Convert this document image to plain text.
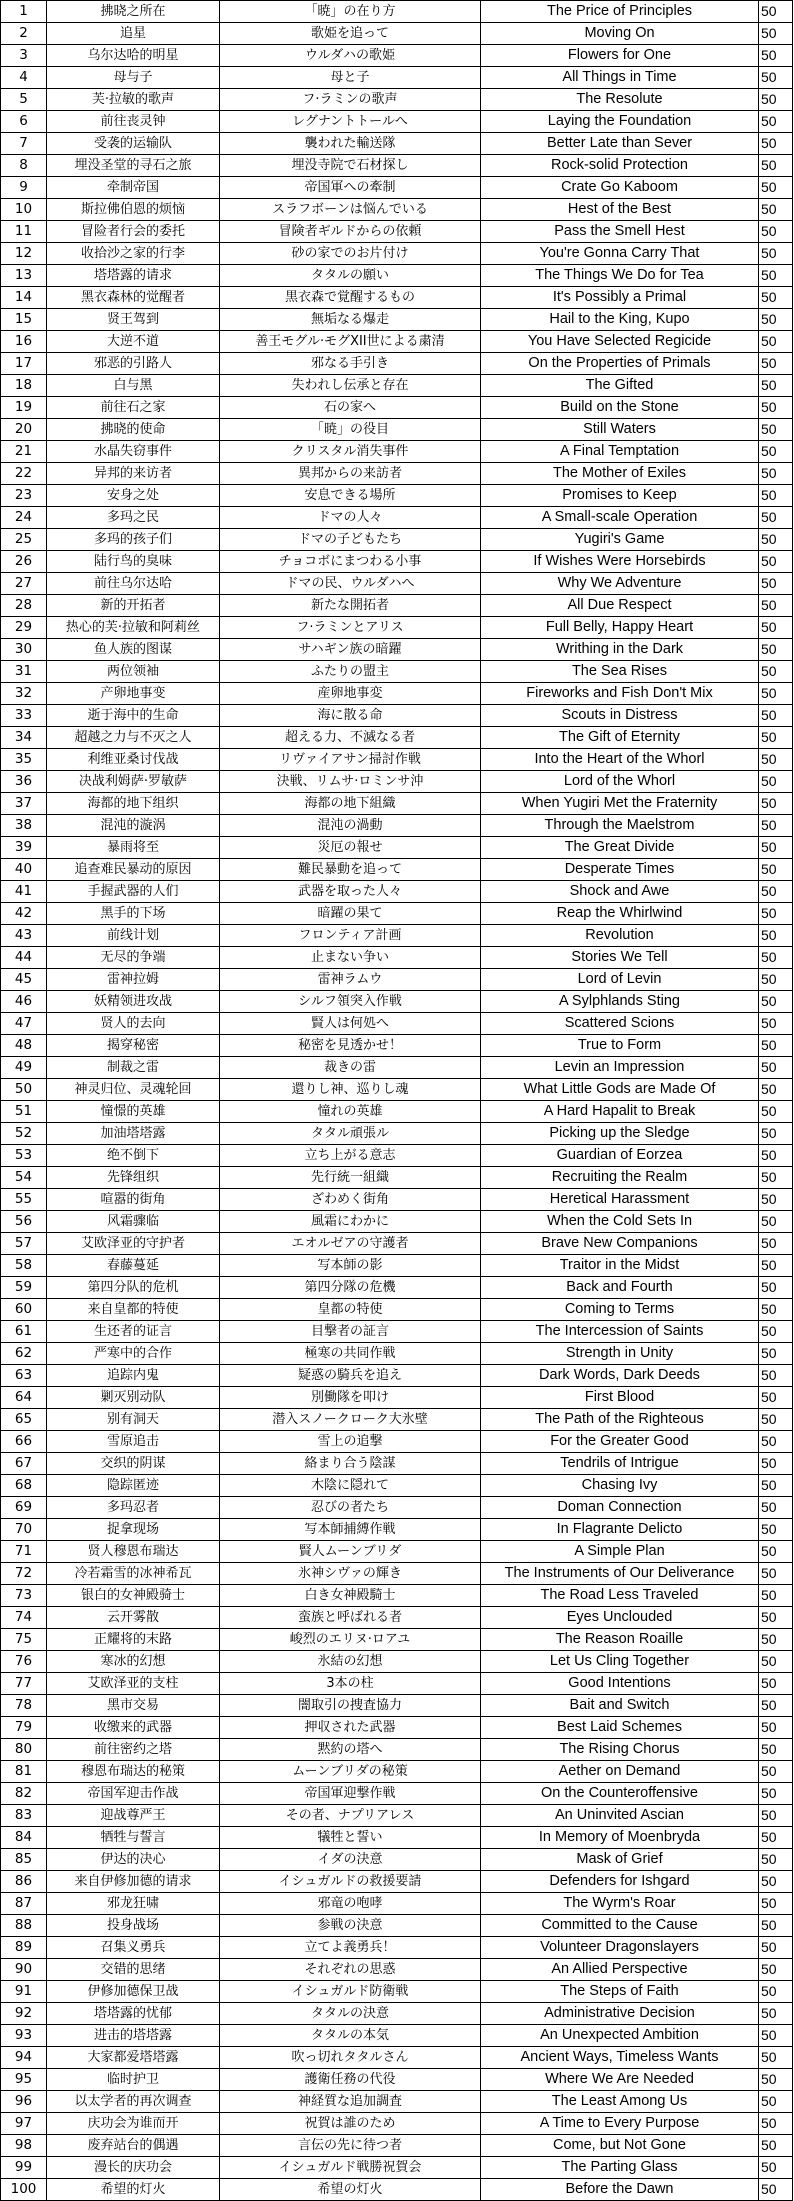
1	拂晓之所在	「暁」の在り方	The Price of Principles	50
2	追星	歌姫を追って	Moving On	50
3	乌尔达哈的明星	ウルダハの歌姫	Flowers for One	50
4	母与子	母と子	All Things in Time	50
5	芙·拉敏的歌声	フ·ラミンの歌声	The Resolute	50
6	前往丧灵钟	レグナントトールへ	Laying the Foundation	50
7	受袭的运输队	襲われた輸送隊	Better Late than Sever	50
8	埋没圣堂的寻石之旅	埋没寺院で石材探し	Rock-solid Protection	50
9	牵制帝国	帝国軍への牽制	Crate Go Kaboom	50
10	斯拉佛伯恩的烦恼	スラフボーンは悩んでいる	Hest of the Best	50
11	冒险者行会的委托	冒険者ギルドからの依頼	Pass the Smell Hest	50
12	收拾沙之家的行李	砂の家でのお片付け	You're Gonna Carry That	50
13	塔塔露的请求	タタルの願い	The Things We Do for Tea	50
14	黑衣森林的觉醒者	黒衣森で覚醒するもの	It's Possibly a Primal	50
15	贤王驾到	無垢なる爆走	Hail to the King, Kupo	50
16	大逆不道	善王モグル·モグXII世による粛清	You Have Selected Regicide	50
17	邪恶的引路人	邪なる手引き	On the Properties of Primals	50
18	白与黑	失われし伝承と存在	The Gifted	50
19	前往石之家	石の家へ	Build on the Stone	50
20	拂晓的使命	「暁」の役目	Still Waters	50
21	水晶失窃事件	クリスタル消失事件	A Final Temptation	50
22	异邦的来访者	異邦からの来訪者	The Mother of Exiles	50
23	安身之处	安息できる場所	Promises to Keep	50
24	多玛之民	ドマの人々	A Small-scale Operation	50
25	多玛的孩子们	ドマの子どもたち	Yugiri's Game	50
26	陆行鸟的臭味	チョコボにまつわる小事	If Wishes Were Horsebirds	50
27	前往乌尔达哈	ドマの民、ウルダハへ	Why We Adventure	50
28	新的开拓者	新たな開拓者	All Due Respect	50
29	热心的芙·拉敏和阿莉丝	フ·ラミンとアリス	Full Belly, Happy Heart	50
30	鱼人族的图谋	サハギン族の暗躍	Writhing in the Dark	50
31	两位领袖	ふたりの盟主	The Sea Rises	50
32	产卵地事变	産卵地事変	Fireworks and Fish Don't Mix	50
33	逝于海中的生命	海に散る命	Scouts in Distress	50
34	超越之力与不灭之人	超える力、不滅なる者	The Gift of Eternity	50
35	利维亚桑讨伐战	リヴァイアサン掃討作戦	Into the Heart of the Whorl	50
36	决战利姆萨·罗敏萨	決戦、リムサ·ロミンサ沖	Lord of the Whorl	50
37	海都的地下组织	海都の地下組織	When Yugiri Met the Fraternity	50
38	混沌的漩涡	混沌の渦動	Through the Maelstrom	50
39	暴雨将至	災厄の報せ	The Great Divide	50
40	追查难民暴动的原因	難民暴動を追って	Desperate Times	50
41	手握武器的人们	武器を取った人々	Shock and Awe	50
42	黑手的下场	暗躍の果て	Reap the Whirlwind	50
43	前线计划	フロンティア計画	Revolution	50
44	无尽的争端	止まない争い	Stories We Tell	50
45	雷神拉姆	雷神ラムウ	Lord of Levin	50
46	妖精领进攻战	シルフ領突入作戦	A Sylphlands Sting	50
47	贤人的去向	賢人は何処へ	Scattered Scions	50
48	揭穿秘密	秘密を見透かせ！	True to Form	50
49	制裁之雷	裁きの雷	Levin an Impression	50
50	神灵归位、灵魂轮回	還りし神、巡りし魂	What Little Gods are Made Of	50
51	憧憬的英雄	憧れの英雄	A Hard Hapalit to Break	50
52	加油塔塔露	タタル頑張ル	Picking up the Sledge	50
53	绝不倒下	立ち上がる意志	Guardian of Eorzea	50
54	先锋组织	先行統一組織	Recruiting the Realm	50
55	喧嚣的街角	ざわめく街角	Heretical Harassment	50
56	风霜骤临	風霜にわかに	When the Cold Sets In	50
57	艾欧泽亚的守护者	エオルゼアの守護者	Brave New Companions	50
58	春藤蔓延	写本師の影	Traitor in the Midst	50
59	第四分队的危机	第四分隊の危機	Back and Fourth	50
60	来自皇都的特使	皇都の特使	Coming to Terms	50
61	生还者的证言	目撃者の証言	The Intercession of Saints	50
62	严寒中的合作	極寒の共同作戦	Strength in Unity	50
63	追踪内鬼	疑惑の騎兵を追え	Dark Words, Dark Deeds	50
64	剿灭别动队	別働隊を叩け	First Blood	50
65	别有洞天	潜入スノークローク大氷壁	The Path of the Righteous	50
66	雪原追击	雪上の追撃	For the Greater Good	50
67	交织的阴谋	絡まり合う陰謀	Tendrils of Intrigue	50
68	隐踪匿迹	木陰に隠れて	Chasing Ivy	50
69	多玛忍者	忍びの者たち	Doman Connection	50
70	捉拿现场	写本師捕縛作戦	In Flagrante Delicto	50
71	贤人穆恩布瑞达	賢人ムーンブリダ	A Simple Plan	50
72	冷若霜雪的冰神希瓦	氷神シヴァの輝き	The Instruments of Our Deliverance	50
73	银白的女神殿骑士	白き女神殿騎士	The Road Less Traveled	50
74	云开雾散	蛮族と呼ばれる者	Eyes Unclouded	50
75	正耀将的末路	峻烈のエリヌ·ロアユ	The Reason Roaille	50
76	寒冰的幻想	氷結の幻想	Let Us Cling Together	50
77	艾欧泽亚的支柱	3本の柱	Good Intentions	50
78	黑市交易	闇取引の捜査協力	Bait and Switch	50
79	收缴来的武器	押収された武器	Best Laid Schemes	50
80	前往密约之塔	黙約の塔へ	The Rising Chorus	50
81	穆恩布瑞达的秘策	ムーンブリダの秘策	Aether on Demand	50
82	帝国军迎击作战	帝国軍迎撃作戦	On the Counteroffensive	50
83	迎战尊严王	その者、ナプリアレス	An Uninvited Ascian	50
84	牺牲与誓言	犠牲と誓い	In Memory of Moenbryda	50
85	伊达的决心	イダの決意	Mask of Grief	50
86	来自伊修加德的请求	イシュガルドの救援要請	Defenders for Ishgard	50
87	邪龙狂啸	邪竜の咆哮	The Wyrm's Roar	50
88	投身战场	参戦の決意	Committed to the Cause	50
89	召集义勇兵	立てよ義勇兵！	Volunteer Dragonslayers	50
90	交错的思绪	それぞれの思惑	An Allied Perspective	50
91	伊修加德保卫战	イシュガルド防衛戦	The Steps of Faith	50
92	塔塔露的忧郁	タタルの決意	Administrative Decision	50
93	进击的塔塔露	タタルの本気	An Unexpected Ambition	50
94	大家都爱塔塔露	吹っ切れタタルさん	Ancient Ways, Timeless Wants	50
95	临时护卫	護衛任務の代役	Where We Are Needed	50
96	以太学者的再次调查	神経質な追加調査	The Least Among Us	50
97	庆功会为谁而开	祝賀は誰のため	A Time to Every Purpose	50
98	废弃站台的偶遇	言伝の先に待つ者	Come, but Not Gone	50
99	漫长的庆功会	イシュガルド戦勝祝賀会	The Parting Glass	50
100	希望的灯火	希望の灯火	Before the Dawn	50
